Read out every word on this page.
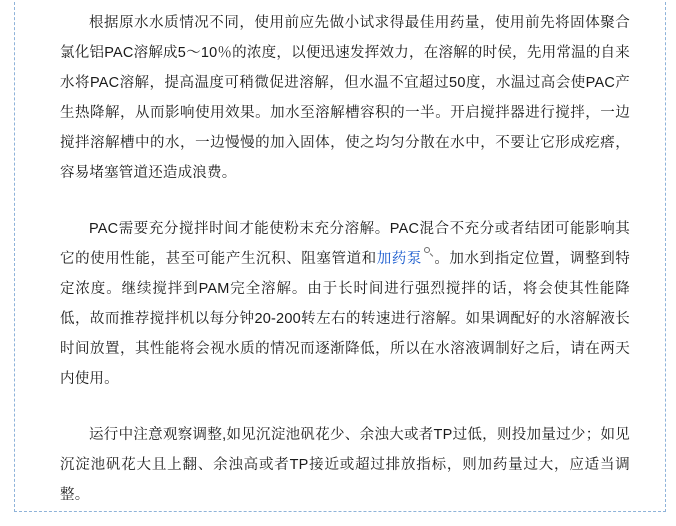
根据原水水质情况不同，使用前应先做小试求得最佳用药量，使用前先将固体聚合氯化铝PAC溶解成5～10％的浓度，以便迅速发挥效力，在溶解的时侯，先用常温的自来水将PAC溶解，提高温度可稍微促进溶解，但水温不宜超过50度，水温过高会使PAC产生热降解，从而影响使用效果。加水至溶解槽容积的一半。开启搅拌器进行搅拌，一边搅拌溶解槽中的水，一边慢慢的加入固体，使之均匀分散在水中，不要让它形成疙瘩，容易堵塞管道还造成浪费。

PAC需要充分搅拌时间才能使粉末充分溶解。PAC混合不充分或者结团可能影响其它的使用性能，甚至可能产生沉积、阻塞管道和加药泵 。加水到指定位置，调整到特定浓度。继续搅拌到PAM完全溶解。由于长时间进行强烈搅拌的话，将会使其性能降低，故而推荐搅拌机以每分钟20-200转左右的转速进行溶解。如果调配好的水溶解液长时间放置，其性能将会视水质的情况而逐渐降低，所以在水溶液调制好之后，请在两天内使用。

运行中注意观察调整,如见沉淀池矾花少、余浊大或者TP过低，则投加量过少；如见沉淀池矾花大且上翻、余浊高或者TP接近或超过排放指标，则加药量过大，应适当调整。
